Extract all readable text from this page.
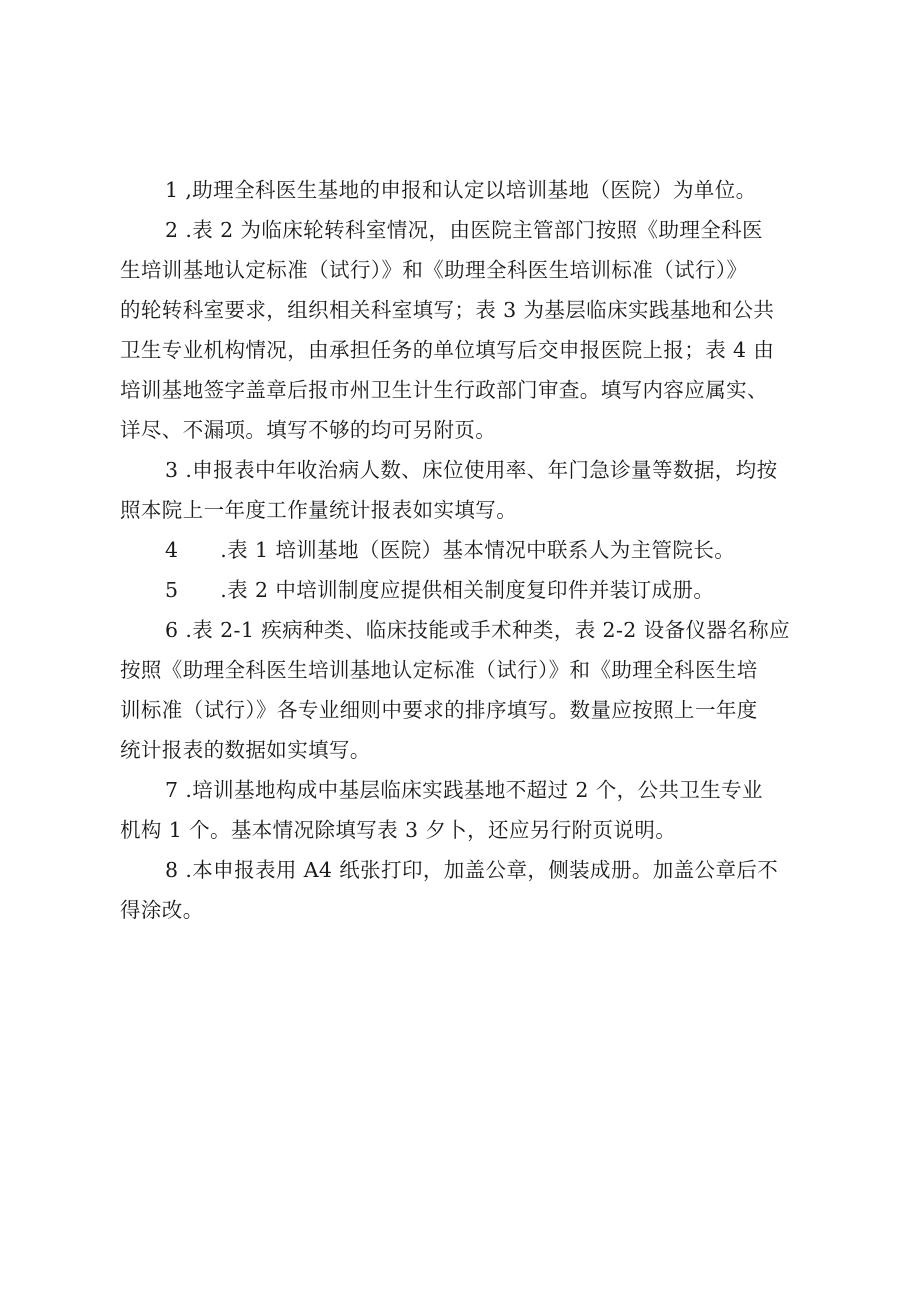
1 ,助理全科医生基地的申报和认定以培训基地（医院）为单位。
2 .表 2 为临床轮转科室情况，由医院主管部门按照《助理全科医
生培训基地认定标准（试行）》和《助理全科医生培训标准（试行）》
的轮转科室要求，组织相关科室填写；表 3 为基层临床实践基地和公共
卫生专业机构情况，由承担任务的单位填写后交申报医院上报；表 4 由
培训基地签字盖章后报市州卫生计生行政部门审查。填写内容应属实、
详尽、不漏项。填写不够的均可另附页。
3 .申报表中年收治病人数、床位使用率、年门急诊量等数据，均按
照本院上一年度工作量统计报表如实填写。
4　　.表 1 培训基地（医院）基本情况中联系人为主管院长。
5　　.表 2 中培训制度应提供相关制度复印件并装订成册。
6 .表 2-1 疾病种类、临床技能或手术种类，表 2-2 设备仪器名称应
按照《助理全科医生培训基地认定标准（试行）》和《助理全科医生培
训标准（试行）》各专业细则中要求的排序填写。数量应按照上一年度
统计报表的数据如实填写。
7 .培训基地构成中基层临床实践基地不超过 2 个，公共卫生专业
机构 1 个。基本情况除填写表 3 夕卜，还应另行附页说明。
8 .本申报表用 A4 纸张打印，加盖公章，侧装成册。加盖公章后不
得涂改。
